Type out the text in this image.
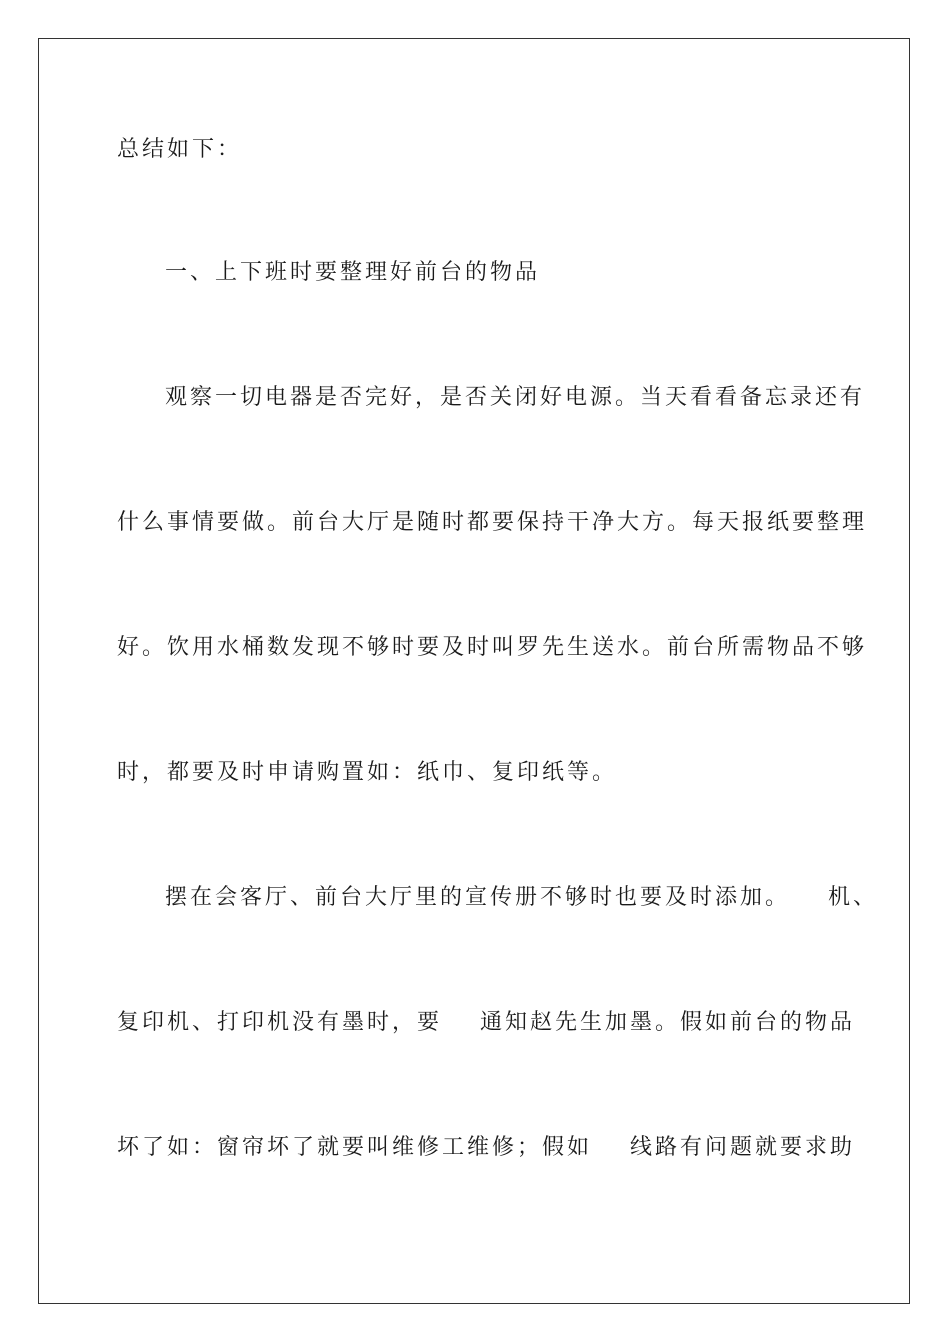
总结如下：
一、上下班时要整理好前台的物品
观察一切电器是否完好，是否关闭好电源。当天看看备忘录还有
什么事情要做。前台大厅是随时都要保持干净大方。每天报纸要整理
好。饮用水桶数发现不够时要及时叫罗先生送水。前台所需物品不够
时，都要及时申请购置如：纸巾、复印纸等。
摆在会客厅、前台大厅里的宣传册不够时也要及时添加。 机、
复印机、打印机没有墨时，要 通知赵先生加墨。假如前台的物品
坏了如：窗帘坏了就要叫维修工维修；假如 线路有问题就要求助
